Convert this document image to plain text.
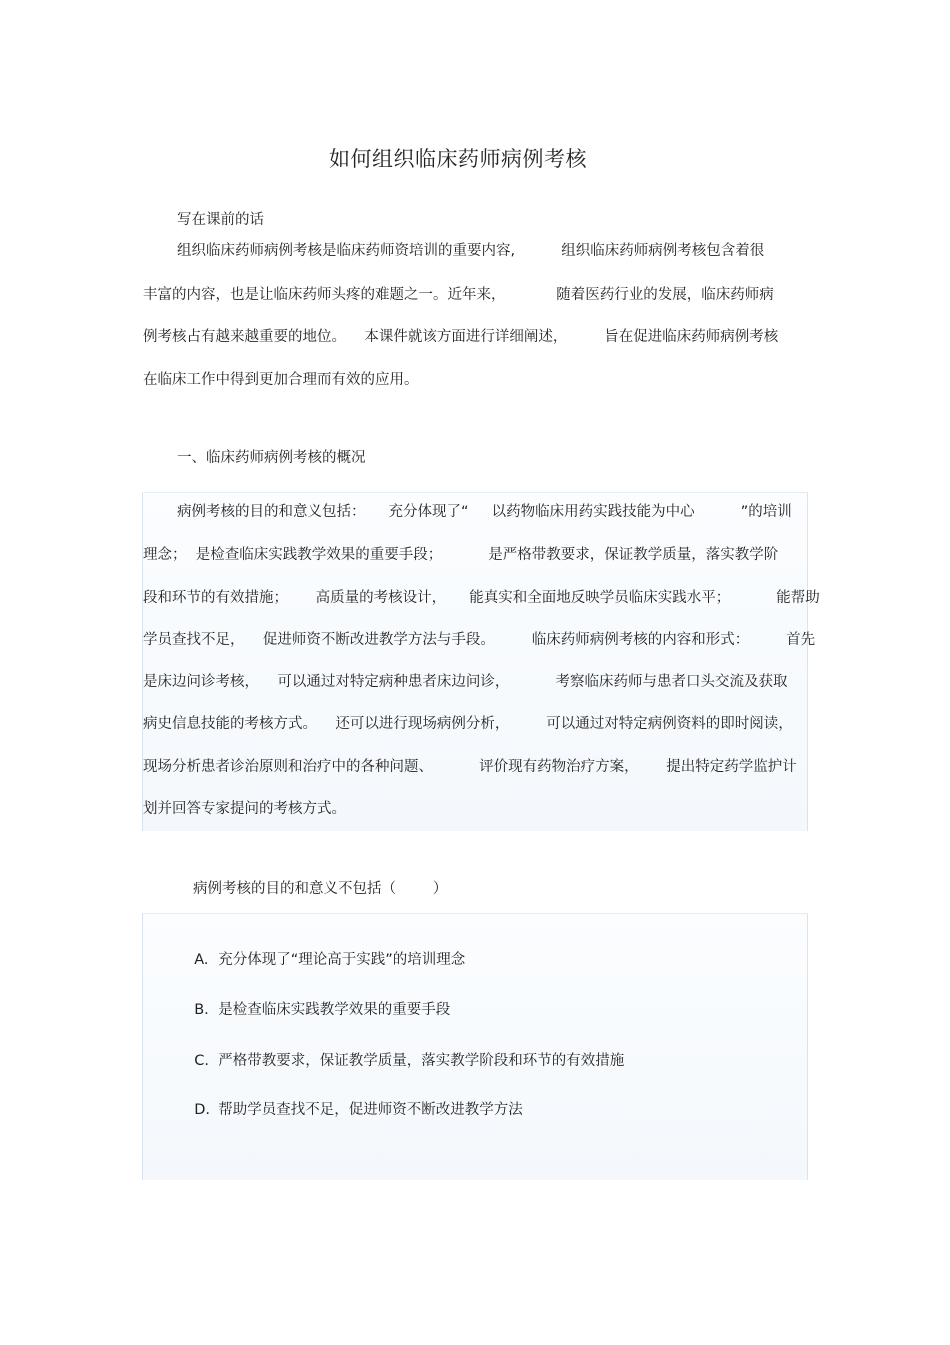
如何组织临床药师病例考核
写在课前的话
组织临床药师病例考核是临床药师资培训的重要内容,          组织临床药师病例考核包含着很
丰富的内容，也是让临床药师头疼的难题之一。近年来，           随着医药行业的发展，临床药师病
例考核占有越来越重要的地位。    本课件就该方面进行详细阐述，        旨在促进临床药师病例考核
在临床工作中得到更加合理而有效的应用。
一、临床药师病例考核的概况
病例考核的目的和意义包括：     充分体现了“     以药物临床用药实践技能为中心          ”的培训
理念；  是检查临床实践教学效果的重要手段；          是严格带教要求，保证教学质量，落实教学阶
段和环节的有效措施；      高质量的考核设计，     能真实和全面地反映学员临床实践水平；          能帮助
学员查找不足，    促进师资不断改进教学方法与手段。        临床药师病例考核的内容和形式：        首先
是床边问诊考核，    可以通过对特定病种患者床边问诊，          考察临床药师与患者口头交流及获取
病史信息技能的考核方式。    还可以进行现场病例分析，        可以通过对特定病例资料的即时阅读，
现场分析患者诊治原则和治疗中的各种问题、          评价现有药物治疗方案，      提出特定药学监护计
划并回答专家提问的考核方式。
病例考核的目的和意义不包括（        ）

A. 充分体现了“理论高于实践”的培训理念

B. 是检查临床实践教学效果的重要手段

C. 严格带教要求，保证教学质量，落实教学阶段和环节的有效措施

D. 帮助学员查找不足，促进师资不断改进教学方法
